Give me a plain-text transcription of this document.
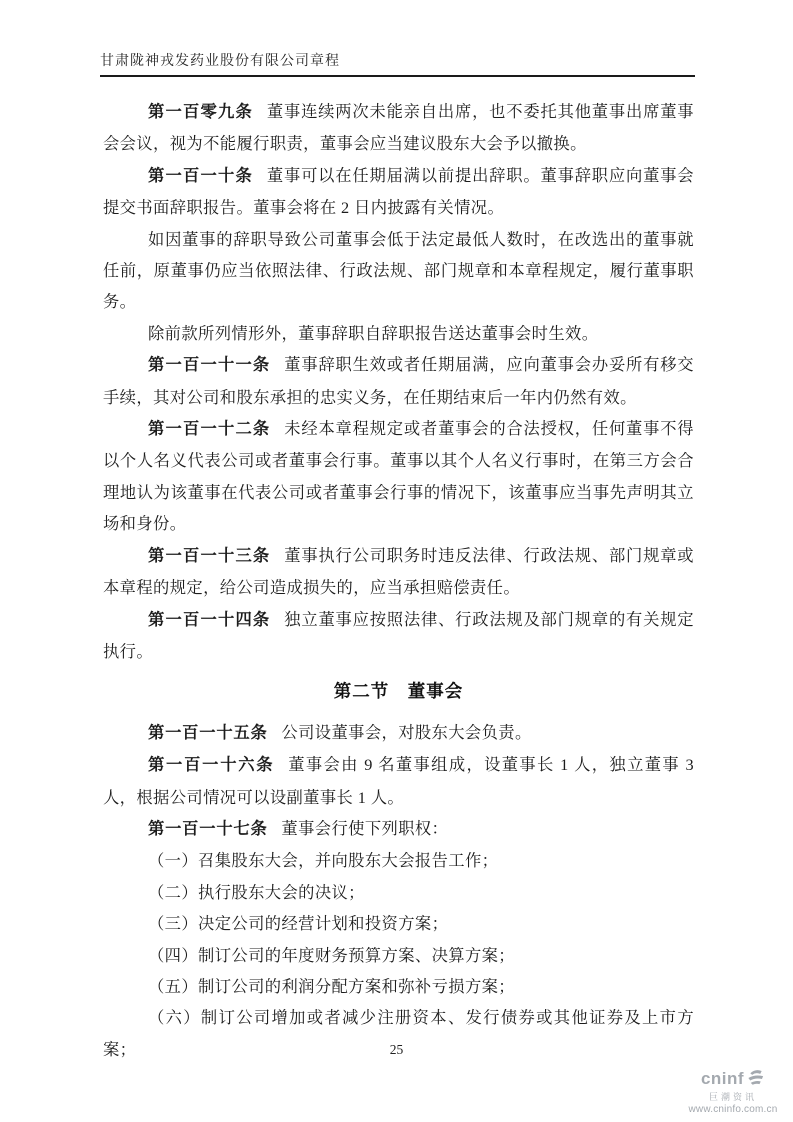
甘肃陇神戎发药业股份有限公司章程

第一百零九条 董事连续两次未能亲自出席，也不委托其他董事出席董事会会议，视为不能履行职责，董事会应当建议股东大会予以撤换。

第一百一十条 董事可以在任期届满以前提出辞职。董事辞职应向董事会提交书面辞职报告。董事会将在 2 日内披露有关情况。

如因董事的辞职导致公司董事会低于法定最低人数时，在改选出的董事就任前，原董事仍应当依照法律、行政法规、部门规章和本章程规定，履行董事职务。

除前款所列情形外，董事辞职自辞职报告送达董事会时生效。

第一百一十一条 董事辞职生效或者任期届满，应向董事会办妥所有移交手续，其对公司和股东承担的忠实义务，在任期结束后一年内仍然有效。

第一百一十二条 未经本章程规定或者董事会的合法授权，任何董事不得以个人名义代表公司或者董事会行事。董事以其个人名义行事时，在第三方会合理地认为该董事在代表公司或者董事会行事的情况下，该董事应当事先声明其立场和身份。

第一百一十三条 董事执行公司职务时违反法律、行政法规、部门规章或本章程的规定，给公司造成损失的，应当承担赔偿责任。

第一百一十四条 独立董事应按照法律、行政法规及部门规章的有关规定执行。

第二节　董事会

第一百一十五条 公司设董事会，对股东大会负责。

第一百一十六条 董事会由 9 名董事组成，设董事长 1 人，独立董事 3 人，根据公司情况可以设副董事长 1 人。

第一百一十七条 董事会行使下列职权：

（一）召集股东大会，并向股东大会报告工作；

（二）执行股东大会的决议；

（三）决定公司的经营计划和投资方案；

（四）制订公司的年度财务预算方案、决算方案；

（五）制订公司的利润分配方案和弥补亏损方案；

（六）制订公司增加或者减少注册资本、发行债券或其他证券及上市方案；	25
cninf
巨潮资讯
www.cninfo.com.cn
